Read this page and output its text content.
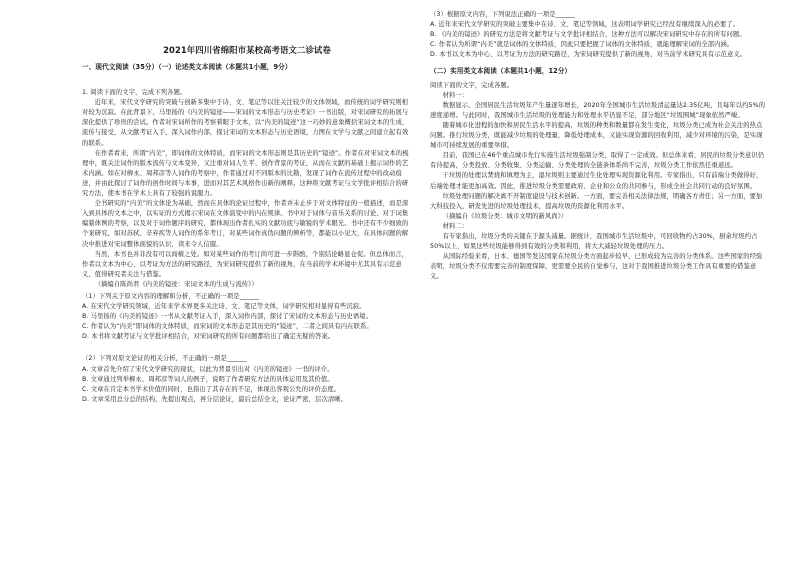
2021年四川省绵阳市某校高考语文二诊试卷
一、现代文阅读（35分）（一）论述类文本阅读（本题共1小题，9分）

1. 阅读下面的文字，完成下列各题。

近年来，宋代文学研究的突破与创新多集中于诗、文、笔记等以往关注较少的文体领域，而传统的词学研究则相对较为沉寂。在此背景下，马里扬的《内美的镜迹——宋词的文本形态与历史考证》一书出版，对宋词研究的拓展与深化提供了珍贵的尝试。作者对宋词所作的考察着眼于文本，以“内美的镜迹”这一巧妙的意象概括宋词文本的生成、流传与接受，从文献考证入手，深入词作内部，探讨宋词的文本形态与历史语境，力图在文学与文献之间建立起有效的联系。

在作者看来，所谓“内美”，即词体的文体特质，而宋词的文本形态则是其历史的“镜迹”。作者在对宋词文本的梳理中，既关注词作的版本流传与文本变异，又注重对词人生平、创作背景的考证，从而在文献的基础上揭示词作的艺术内涵。如在对柳永、周邦彦等人词作的考察中，作者通过对不同版本的比勘，发现了词作在流传过程中的改动痕迹，并由此探讨了词作的创作时间与本事，进而对其艺术风格作出新的阐释。这种将文献考证与文学批评相结合的研究方法，使本书在学术上具有了较强的说服力。

全书研究的“内美”的文体论为基础，然而在具体的论证过程中，作者并未止步于对文体特征的一般描述，而是深入到具体的文本之中，以实证的方式揭示宋词在文体演变中的内在规律。书中对于词体与音乐关系的讨论、对于词集编纂体例的考察，以及对于词作题序的研究，都体现出作者扎实的文献功底与敏锐的学术眼光。书中还有不少细致的个案研究，如对苏轼、辛弃疾等人词作的系年考订，对某些词作真伪问题的辨析等，都能以小见大，在具体问题的解决中推进对宋词整体面貌的认识，读来令人信服。

当然，本书也并非没有可以商榷之处。如对某些词作的考订尚可进一步斟酌，个别结论略显仓促。但总体而言，作者以文本为中心、以考证为方法的研究路径，为宋词研究提供了新的视角，在当前的学术环境中尤其具有示范意义，值得研究者关注与借鉴。

（摘编自陈尚君《内美的镜迹：宋词文本的生成与流传》）

（1）下列关于原文内容的理解和分析，不正确的一项是______

A. 在宋代文学研究领域，近年来学术界更多关注诗、文、笔记等文体，词学研究相对显得有些沉寂。

B. 马里扬的《内美的镜迹》一书从文献考证入手，深入词作内部，探讨了宋词的文本形态与历史语境。

C. 作者认为“内美”即词体的文体特质，而宋词的文本形态是其历史的“镜迹”，二者之间具有内在联系。

D. 本书将文献考证与文学批评相结合，对宋词研究的所有问题都给出了确定无疑的答案。

（2）下列对原文论证的相关分析，不正确的一项是______

A. 文章首先介绍了宋代文学研究的现状，以此为背景引出对《内美的镜迹》一书的评介。

B. 文章通过列举柳永、周邦彦等词人的例子，说明了作者研究方法的具体运用及其价值。

C. 文章在肯定本书学术价值的同时，也指出了其存在的不足，体现出客观公允的评价态度。

D. 文章采用总分总的结构，先提出观点，再分层论证，最后总结全文，论证严密，层次清晰。

（3）根据原文内容，下列说法正确的一项是______

A. 近年来宋代文学研究的突破主要集中在诗、文、笔记等领域，这表明词学研究已经没有继续深入的必要了。

B. 《内美的镜迹》的研究方法是将文献考证与文学批评相结合，这种方法可以解决宋词研究中存在的所有问题。

C. 作者认为所谓“内美”就是词体的文体特质，因此只要把握了词体的文体特质，就能理解宋词的全部内涵。

D. 本书以文本为中心、以考证为方法的研究路径，为宋词研究提供了新的视角，对当前学术研究具有示范意义。

（二）实用类文本阅读（本题共1小题，12分）

阅读下面的文字，完成各题。

材料一：

数据显示，全国居民生活垃圾年产生量逐年增长，2020年全国城市生活垃圾清运量达2.35亿吨，且每年以约5%的速度递增。与此同时，我国城市生活垃圾的处理能力和处理水平仍显不足，部分地区“垃圾围城”现象依然严峻。

随着城市化进程的加快和居民生活水平的提高，垃圾的种类和数量都在发生变化，垃圾分类已成为社会关注的热点问题。推行垃圾分类，既能减少垃圾的处理量，降低处理成本，又能实现资源的回收利用，减少对环境的污染，是实现城市可持续发展的重要举措。

目前，我国已在46个重点城市先行实施生活垃圾强制分类，取得了一定成效。但总体来看，居民的垃圾分类意识仍有待提高，分类投放、分类收集、分类运输、分类处理的全链条体系尚不完善，垃圾分类工作依然任重道远。

干垃圾的处理以焚烧和填埋为主，湿垃圾则主要通过生化处理实现资源化利用。专家指出，只有前端分类做得好，后端处理才能更加高效。因此，推进垃圾分类需要政府、企业和公众的共同参与，形成全社会共同行动的良好氛围。

垃圾处理问题的解决离不开制度建设与技术创新。一方面，要完善相关法律法规，明确各方责任；另一方面，要加大科技投入，研发先进的垃圾处理技术，提高垃圾的资源化利用水平。

（摘编自《垃圾分类：城市文明的新风尚》）

材料二：

有专家指出，垃圾分类的关键在于源头减量。据统计，我国城市生活垃圾中，可回收物约占30%，厨余垃圾约占50%以上，如果这些垃圾能够得到有效的分类和利用，将大大减轻垃圾处理的压力。

从国际经验来看，日本、德国等发达国家在垃圾分类方面起步较早，已形成较为完善的分类体系。这些国家的经验表明，垃圾分类不仅需要完善的制度保障，更需要全民的自觉参与，这对于我国推进垃圾分类工作具有重要的借鉴意义。
